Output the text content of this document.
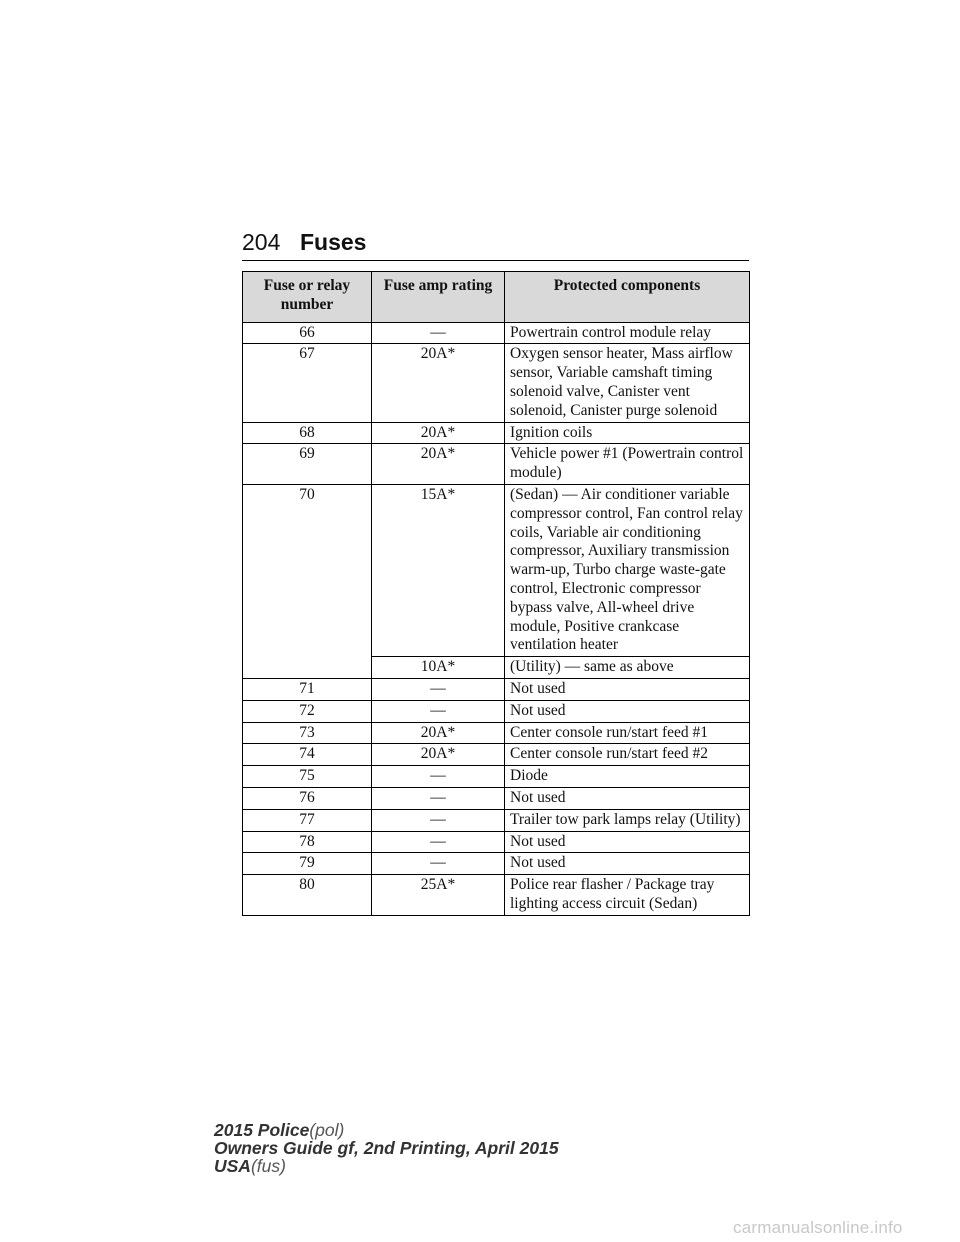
204 Fuses
Fuse or relay number	Fuse amp rating	Protected components
66	—	Powertrain control module relay
67	20A*	Oxygen sensor heater, Mass airflow sensor, Variable camshaft timing solenoid valve, Canister vent solenoid, Canister purge solenoid
68	20A*	Ignition coils
69	20A*	Vehicle power #1 (Powertrain control module)
70	15A*	(Sedan) — Air conditioner variable compressor control, Fan control relay coils, Variable air conditioning compressor, Auxiliary transmission warm-up, Turbo charge waste-gate control, Electronic compressor bypass valve, All-wheel drive module, Positive crankcase ventilation heater
	10A*	(Utility) — same as above
71	—	Not used
72	—	Not used
73	20A*	Center console run/start feed #1
74	20A*	Center console run/start feed #2
75	—	Diode
76	—	Not used
77	—	Trailer tow park lamps relay (Utility)
78	—	Not used
79	—	Not used
80	25A*	Police rear flasher / Package tray lighting access circuit (Sedan)
2015 Police(pol)
Owners Guide gf, 2nd Printing, April 2015
USA(fus)
carmanualsonline.info
